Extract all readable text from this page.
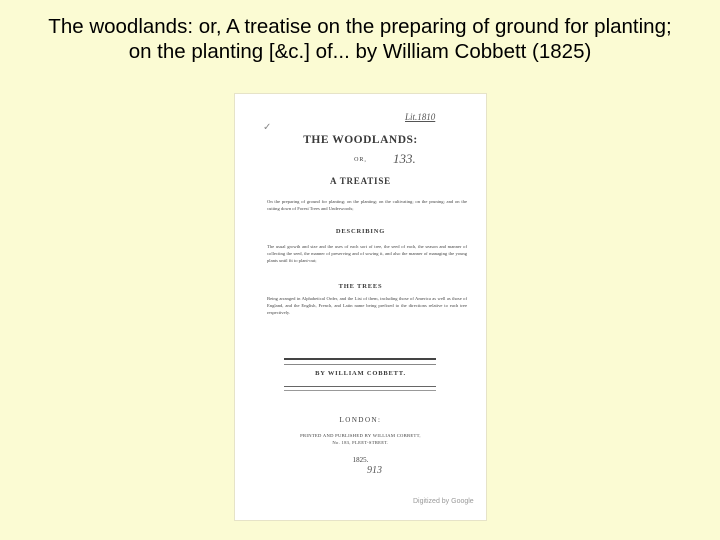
The woodlands: or, A treatise on the preparing of ground for planting;
on the planting [&c.] of... by William Cobbett (1825)
Lit.1810
✓
THE WOODLANDS:
OR,	133.
A TREATISE
On the preparing of ground for planting; on the planting; on the cultivating; on the pruning; and on the cutting down of Forest Trees and Underwoods;
DESCRIBING
The usual growth and size and the uses of each sort of tree, the seed of each, the season and manner of collecting the seed, the manner of preserving and of sowing it, and also the manner of managing the young plants until fit to plant-out;
THE TREES
Being arranged in Alphabetical Order, and the List of them, including those of America as well as those of England, and the English, French, and Latin name being prefixed to the directions relative to each tree respectively.
BY WILLIAM COBBETT.
LONDON:
PRINTED AND PUBLISHED BY WILLIAM COBBETT,
No. 183, FLEET-STREET.
1825.
913
Digitized by Google
